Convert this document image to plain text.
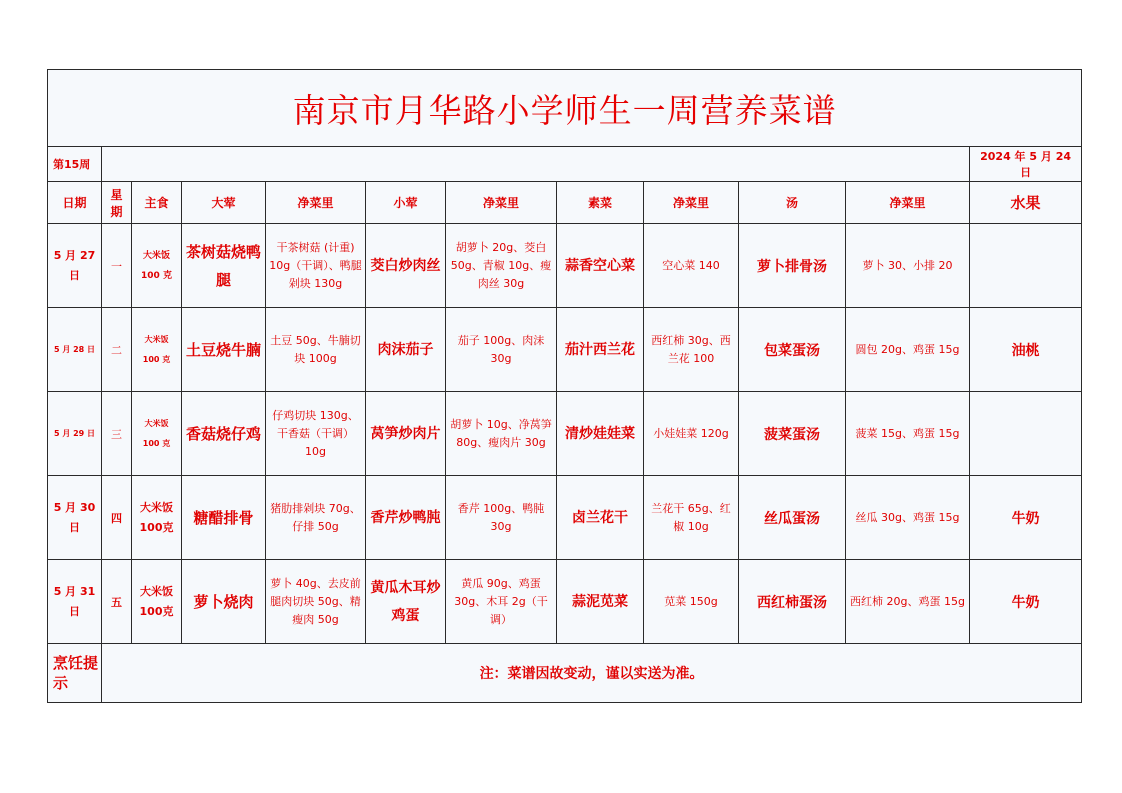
南京市月华路小学师生一周营养菜谱											
第15周											2024 年 5 月 24 日
日期	星期	主食	大荤	净菜里	小荤	净菜里	素菜	净菜里	汤	净菜里	水果
5 月 27 日	一	大米饭 100 克	茶树菇烧鸭腿	干茶树菇 (计重) 10g（干调）、鸭腿剁块 130g	茭白炒肉丝	胡萝卜 20g、茭白 50g、青椒 10g、瘦肉丝 30g	蒜香空心菜	空心菜 140	萝卜排骨汤	萝卜 30、小排 20	
5 月 28 日	二	大米饭 100 克	土豆烧牛腩	土豆 50g、牛腩切块 100g	肉沫茄子	茄子 100g、肉沫 30g	茄汁西兰花	西红柿 30g、西兰花 100	包菜蛋汤	圆包 20g、鸡蛋 15g	油桃
5 月 29 日	三	大米饭 100 克	香菇烧仔鸡	仔鸡切块 130g、干香菇（干调）10g	莴笋炒肉片	胡萝卜 10g、净莴笋 80g、瘦肉片 30g	清炒娃娃菜	小娃娃菜 120g	菠菜蛋汤	菠菜 15g、鸡蛋 15g	
5 月 30 日	四	大米饭 100克	糖醋排骨	猪肋排剁块 70g、仔排 50g	香芹炒鸭肫	香芹 100g、鸭肫 30g	卤兰花干	兰花干 65g、红椒 10g	丝瓜蛋汤	丝瓜 30g、鸡蛋 15g	牛奶
5 月 31 日	五	大米饭 100克	萝卜烧肉	萝卜 40g、去皮前腿肉切块 50g、精瘦肉 50g	黄瓜木耳炒鸡蛋	黄瓜 90g、鸡蛋 30g、木耳 2g（干调）	蒜泥苋菜	苋菜 150g	西红柿蛋汤	西红柿 20g、鸡蛋 15g	牛奶
烹饪提示	注：菜谱因故变动，谨以实送为准。										
